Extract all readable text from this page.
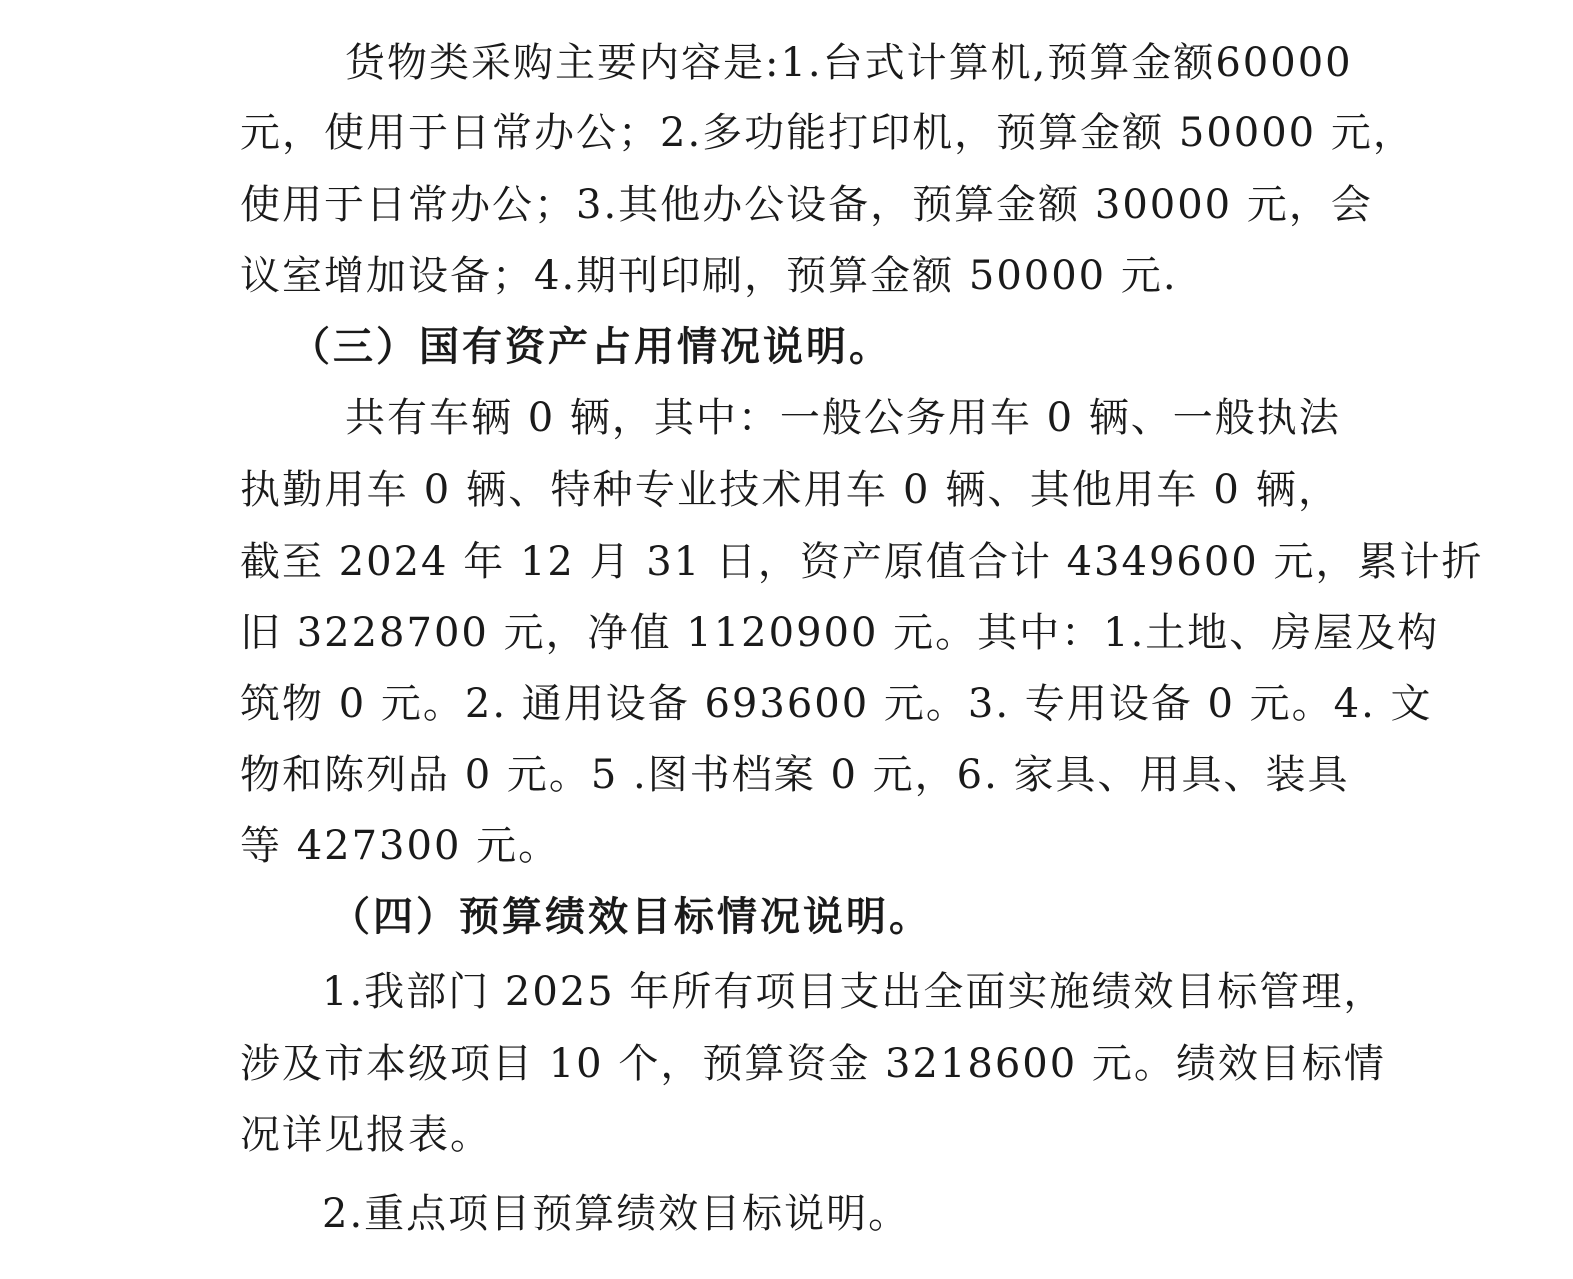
货物类采购主要内容是:1.台式计算机,预算金额60000
元，使用于日常办公；2.多功能打印机，预算金额 50000 元，
使用于日常办公；3.其他办公设备，预算金额 30000 元，会
议室增加设备；4.期刊印刷，预算金额 50000 元.
（三）国有资产占用情况说明。
共有车辆 0 辆，其中：一般公务用车 0 辆、一般执法
执勤用车 0 辆、特种专业技术用车 0 辆、其他用车 0 辆，
截至 2024 年 12 月 31 日，资产原值合计 4349600 元，累计折
旧 3228700 元，净值 1120900 元。其中：1.土地、房屋及构
筑物 0 元。2. 通用设备 693600 元。3. 专用设备 0 元。4. 文
物和陈列品 0 元。5 .图书档案 0 元，6. 家具、用具、装具
等 427300 元。
（四）预算绩效目标情况说明。
1.我部门 2025 年所有项目支出全面实施绩效目标管理，
涉及市本级项目 10 个，预算资金 3218600 元。绩效目标情
况详见报表。
2.重点项目预算绩效目标说明。
